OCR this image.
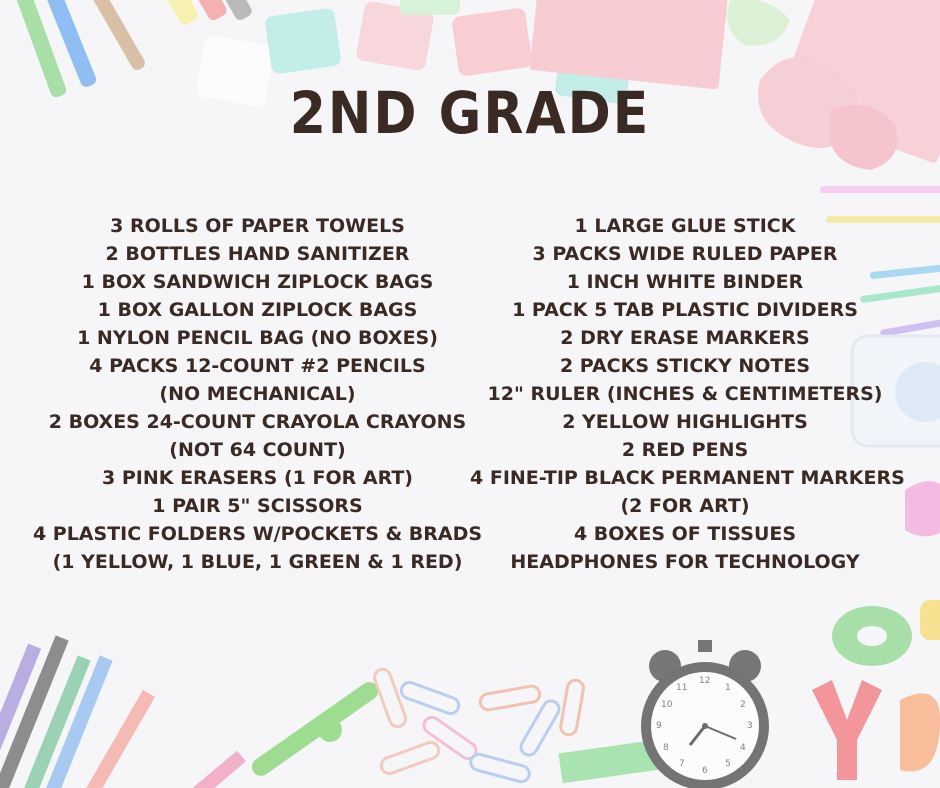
12
1
2
3
4
5
6
7
8
9
10
11
2ND GRADE
3 ROLLS OF PAPER TOWELS
2 BOTTLES HAND SANITIZER
1 BOX SANDWICH ZIPLOCK BAGS
1 BOX GALLON ZIPLOCK BAGS
1 NYLON PENCIL BAG (NO BOXES)
4 PACKS 12-COUNT #2 PENCILS
(NO MECHANICAL)
2 BOXES 24-COUNT CRAYOLA CRAYONS
(NOT 64 COUNT)
3 PINK ERASERS (1 FOR ART)
1 PAIR 5" SCISSORS
4 PLASTIC FOLDERS W/POCKETS & BRADS
(1 YELLOW, 1 BLUE, 1 GREEN & 1 RED)
1 LARGE GLUE STICK
3 PACKS WIDE RULED PAPER
1 INCH WHITE BINDER
1 PACK 5 TAB PLASTIC DIVIDERS
2 DRY ERASE MARKERS
2 PACKS STICKY NOTES
12" RULER (INCHES & CENTIMETERS)
2 YELLOW HIGHLIGHTS
2 RED PENS
4 FINE-TIP BLACK PERMANENT MARKERS
(2 FOR ART)
4 BOXES OF TISSUES
HEADPHONES FOR TECHNOLOGY
